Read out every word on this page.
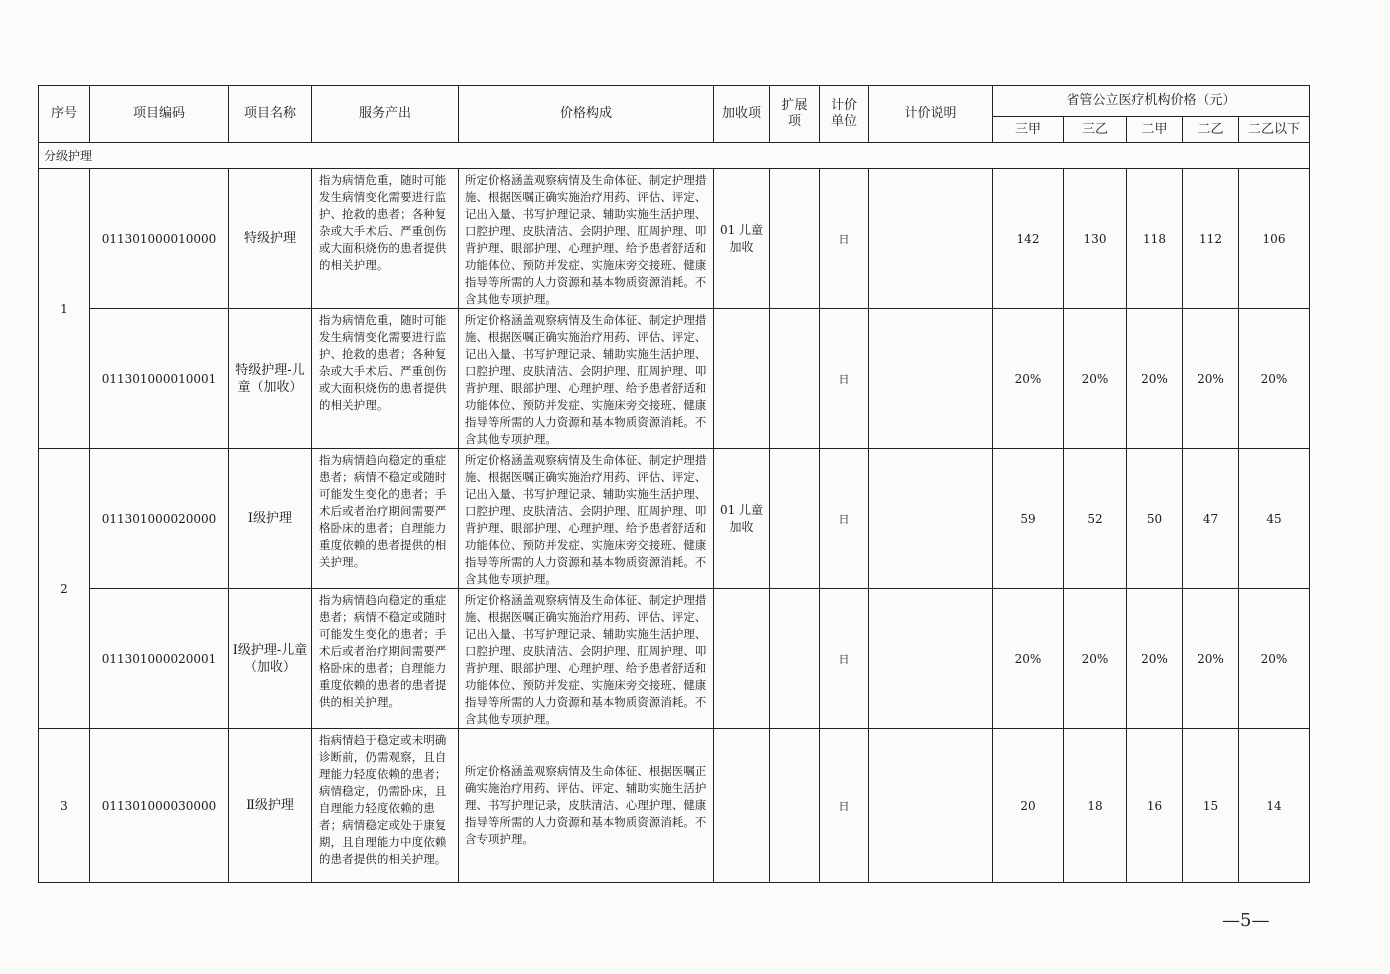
序号	项目编码	项目名称	服务产出	价格构成	加收项	扩展项	计价单位	计价说明	省管公立医疗机构价格（元）				
									三甲	三乙	二甲	二乙	二乙以下
分级护理													
1	011301000010000	特级护理	指为病情危重，随时可能发生病情变化需要进行监护、抢救的患者；各种复杂或大手术后、严重创伤或大面积烧伤的患者提供的相关护理。	所定价格涵盖观察病情及生命体征、制定护理措施、根据医嘱正确实施治疗用药、评估、评定、记出入量、书写护理记录、辅助实施生活护理、口腔护理、皮肤清洁、会阴护理、肛周护理、叩背护理、眼部护理、心理护理、给予患者舒适和功能体位、预防并发症、实施床旁交接班、健康指导等所需的人力资源和基本物质资源消耗。不含其他专项护理。	01 儿童加收		日		142	130	118	112	106
	011301000010001	特级护理-儿童（加收）	指为病情危重，随时可能发生病情变化需要进行监护、抢救的患者；各种复杂或大手术后、严重创伤或大面积烧伤的患者提供的相关护理。	所定价格涵盖观察病情及生命体征、制定护理措施、根据医嘱正确实施治疗用药、评估、评定、记出入量、书写护理记录、辅助实施生活护理、口腔护理、皮肤清洁、会阴护理、肛周护理、叩背护理、眼部护理、心理护理、给予患者舒适和功能体位、预防并发症、实施床旁交接班、健康指导等所需的人力资源和基本物质资源消耗。不含其他专项护理。			日		20%	20%	20%	20%	20%
2	011301000020000	Ⅰ级护理	指为病情趋向稳定的重症患者；病情不稳定或随时可能发生变化的患者；手术后或者治疗期间需要严格卧床的患者；自理能力重度依赖的患者提供的相关护理。	所定价格涵盖观察病情及生命体征、制定护理措施、根据医嘱正确实施治疗用药、评估、评定、记出入量、书写护理记录、辅助实施生活护理、口腔护理、皮肤清洁、会阴护理、肛周护理、叩背护理、眼部护理、心理护理、给予患者舒适和功能体位、预防并发症、实施床旁交接班、健康指导等所需的人力资源和基本物质资源消耗。不含其他专项护理。	01 儿童加收		日		59	52	50	47	45
	011301000020001	Ⅰ级护理-儿童（加收）	指为病情趋向稳定的重症患者；病情不稳定或随时可能发生变化的患者；手术后或者治疗期间需要严格卧床的患者；自理能力重度依赖的患者的患者提供的相关护理。	所定价格涵盖观察病情及生命体征、制定护理措施、根据医嘱正确实施治疗用药、评估、评定、记出入量、书写护理记录、辅助实施生活护理、口腔护理、皮肤清洁、会阴护理、肛周护理、叩背护理、眼部护理、心理护理、给予患者舒适和功能体位、预防并发症、实施床旁交接班、健康指导等所需的人力资源和基本物质资源消耗。不含其他专项护理。			日		20%	20%	20%	20%	20%
3	011301000030000	Ⅱ级护理	指病情趋于稳定或未明确诊断前，仍需观察，且自理能力轻度依赖的患者；病情稳定，仍需卧床，且自理能力轻度依赖的患者；病情稳定或处于康复期，且自理能力中度依赖的患者提供的相关护理。	所定价格涵盖观察病情及生命体征、根据医嘱正确实施治疗用药、评估、评定、辅助实施生活护理、书写护理记录，皮肤清洁、心理护理、健康指导等所需的人力资源和基本物质资源消耗。不含专项护理。			日		20	18	16	15	14
—5—
